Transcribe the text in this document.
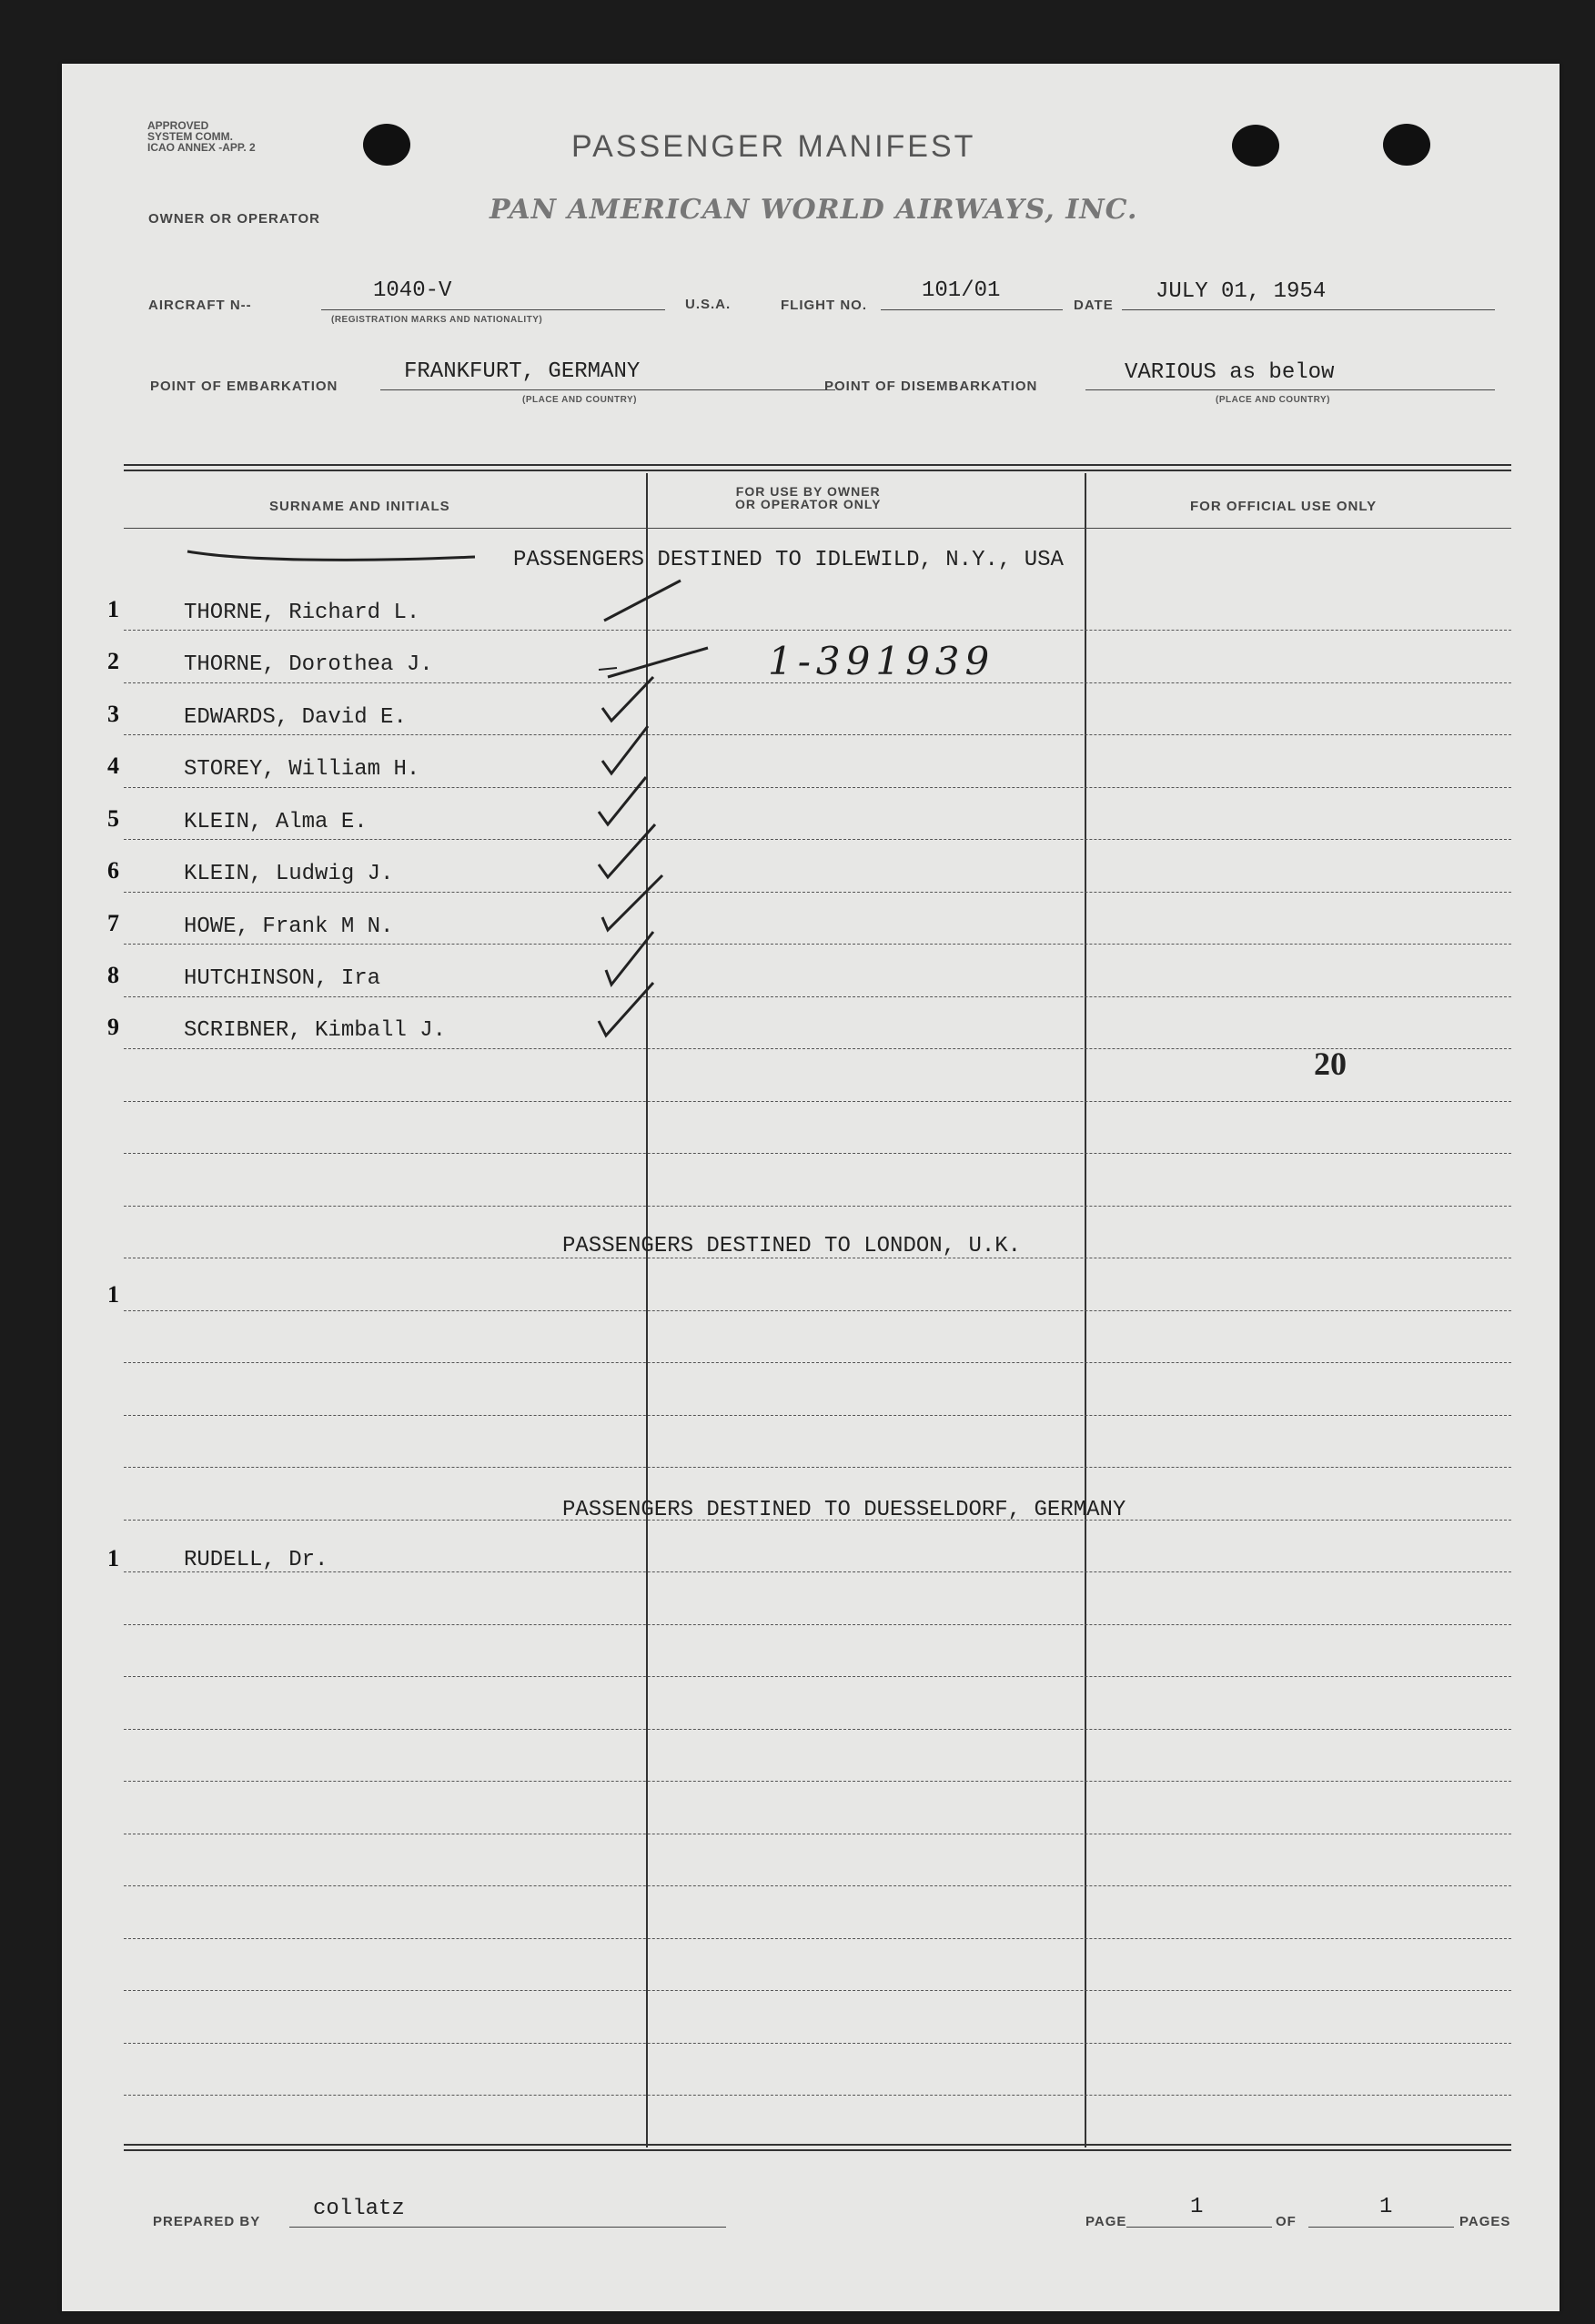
APPROVED
SYSTEM COMM.
ICAO ANNEX -APP. 2	PASSENGER MANIFEST
OWNER OR OPERATOR	PAN AMERICAN WORLD AIRWAYS, INC.
AIRCRAFT N--
1040-V
(REGISTRATION MARKS AND NATIONALITY)
U.S.A.	FLIGHT NO.
101/01
DATE
JULY 01, 1954
POINT OF EMBARKATION
FRANKFURT, GERMANY
(PLACE AND COUNTRY)
POINT OF DISEMBARKATION
VARIOUS as below
(PLACE AND COUNTRY)
SURNAME AND INITIALS
FOR USE BY OWNER
OR OPERATOR ONLY	FOR OFFICIAL USE ONLY
PASSENGERS DESTINED TO IDLEWILD, N.Y., USA
1	THORNE, Richard L.
2	THORNE, Dorothea J.
3	EDWARDS, David E.
4	STOREY, William H.
5	KLEIN, Alma E.
6	KLEIN, Ludwig J.
7	HOWE, Frank M N.
8	HUTCHINSON, Ira
9	SCRIBNER, Kimball J.
1-391939
20
PASSENGERS DESTINED TO LONDON, U.K.
1
PASSENGERS DESTINED TO DUESSELDORF, GERMANY
1	RUDELL, Dr.
PREPARED BY
collatz
PAGE
1
OF
1
PAGES
